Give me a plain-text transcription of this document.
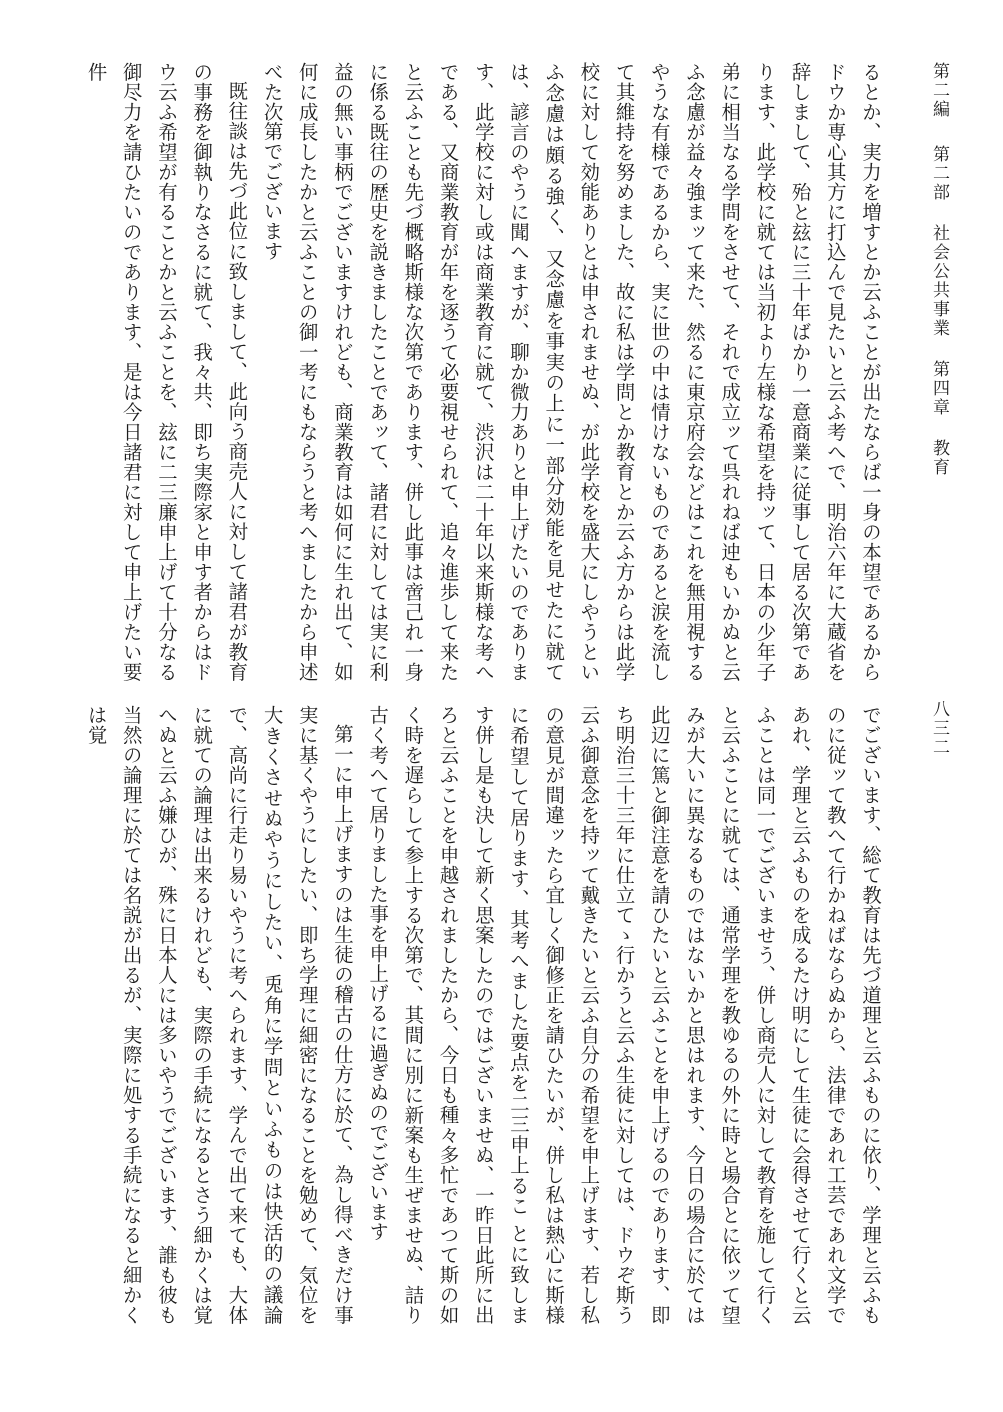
第二編
第二部
社会公共事業
第四章
教育
八三二

るとか、実力を増すとか云ふことが出たならば一身の本望であるからドウか専心其方に打込んで見たいと云ふ考へで、明治六年に大蔵省を辞しまして、殆と玆に三十年ばかり一意商業に従事して居る次第であります、此学校に就ては当初より左様な希望を持ッて、日本の少年子弟に相当なる学問をさせて、それで成立ッて呉れねば迚もいかぬと云ふ念慮が益々強まッて来た、然るに東京府会などはこれを無用視するやうな有様であるから、実に世の中は情けないものであると涙を流して其維持を努めました、故に私は学問とか教育とか云ふ方からは此学校に対して効能ありとは申されませぬ、が此学校を盛大にしやうといふ念慮は頗る強く、又念慮を事実の上に一部分効能を見せたに就ては、諺言のやうに聞へますが、聊か微力ありと申上げたいのであります、此学校に対し或は商業教育に就て、渋沢は二十年以来斯様な考へである、又商業教育が年を逐うて必要視せられて、追々進歩して来たと云ふことも先づ概略斯様な次第であります、併し此事は啻己れ一身に係る既往の歴史を説きましたことであッて、諸君に対しては実に利益の無い事柄でございますけれども、商業教育は如何に生れ出て、如何に成長したかと云ふことの御一考にもならうと考へましたから申述べた次第でございます

既往談は先づ此位に致しまして、此向う商売人に対して諸君が教育の事務を御執りなさるに就て、我々共、即ち実際家と申す者からはドウ云ふ希望が有ることかと云ふことを、玆に二三廉申上げて十分なる御尽力を請ひたいのであります、是は今日諸君に対して申上げたい要件

でございます、総て教育は先づ道理と云ふものに依り、学理と云ふものに従ッて教へて行かねばならぬから、法律であれ工芸であれ文学であれ、学理と云ふものを成るたけ明にして生徒に会得させて行くと云ふことは同一でございませう、併し商売人に対して教育を施して行くと云ふことに就ては、通常学理を教ゆるの外に時と場合とに依ッて望みが大いに異なるものではないかと思はれます、今日の場合に於ては此辺に篤と御注意を請ひたいと云ふことを申上げるのであります、即ち明治三十三年に仕立てゝ行かうと云ふ生徒に対しては、ドウぞ斯う云ふ御意念を持ッて戴きたいと云ふ自分の希望を申上げます、若し私の意見が間違ッたら宜しく御修正を請ひたいが、併し私は熱心に斯様に希望して居ります、其考へました要点を二三申上るこ とに致します併し是も決して新く思案したのではございませぬ、一昨日此所に出ろと云ふことを申越されましたから、今日も種々多忙であつて斯の如く時を遅らして参上する次第で、其間に別に新案も生ぜませぬ、詰り古く考へて居りました事を申上げるに過ぎぬのでございます

第一に申上げますのは生徒の稽古の仕方に於て、為し得べきだけ事実に基くやうにしたい、即ち学理に細密になることを勉めて、気位を大きくさせぬやうにしたい、兎角に学問といふものは快活的の議論で、高尚に行走り易いやうに考へられます、学んで出て来ても、大体に就ての論理は出来るけれども、実際の手続になるとさう細かくは覚へぬと云ふ嫌ひが、殊に日本人には多いやうでございます、誰も彼も当然の論理に於ては名説が出るが、実際に処する手続になると細かくは覚
